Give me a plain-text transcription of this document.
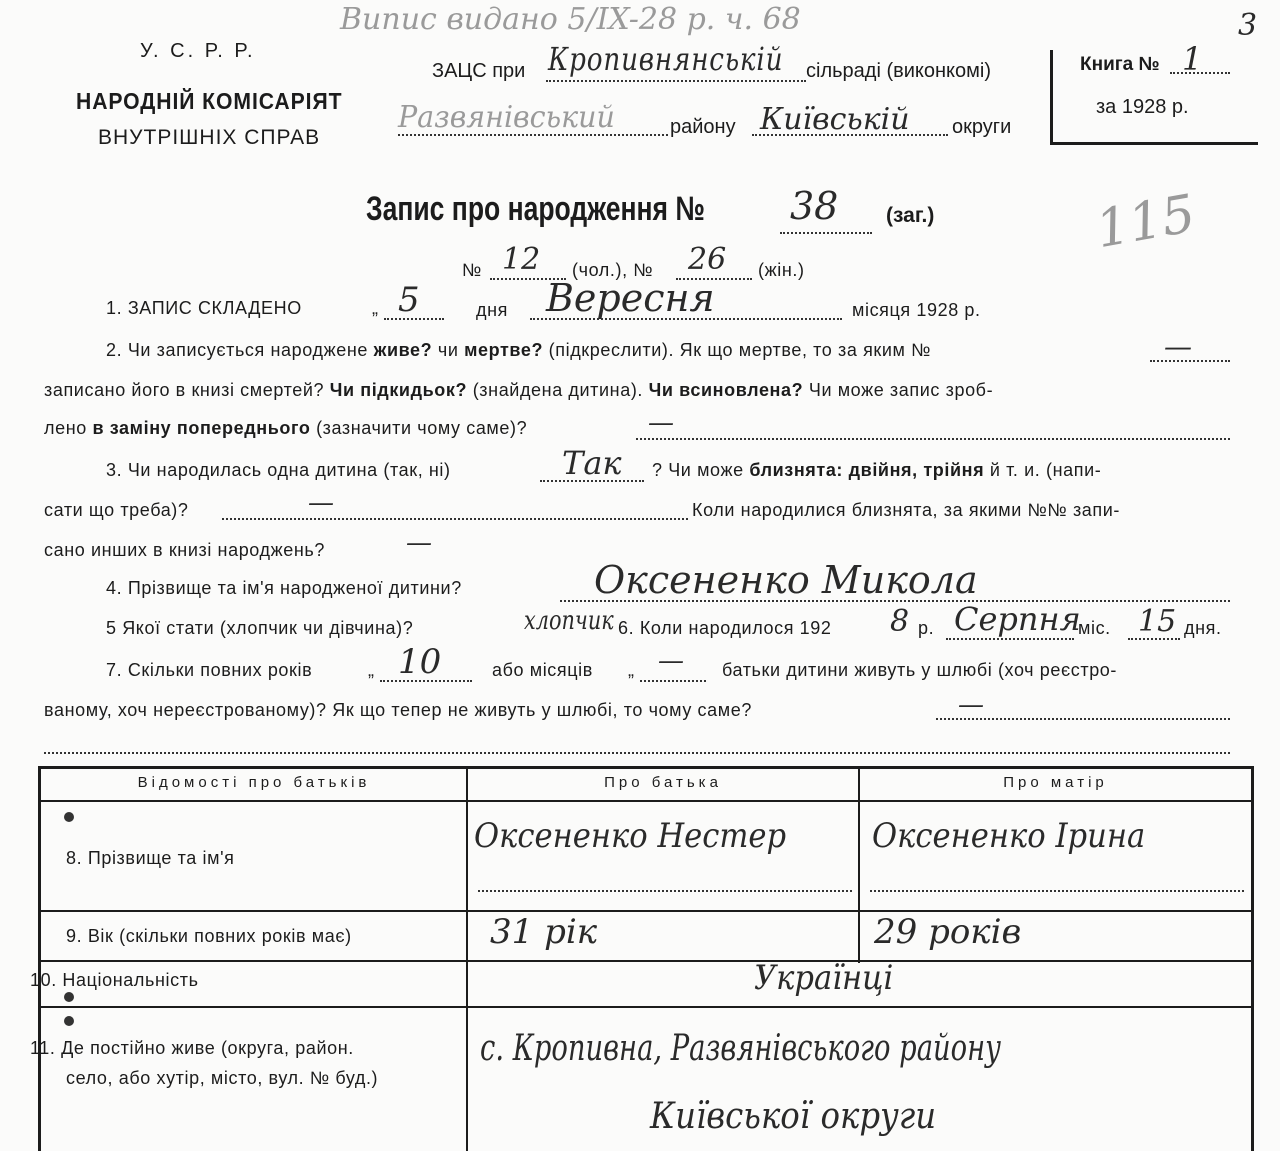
Випис видано 5/IX-28 р. ч. 68	3
У. С. Р. Р.
НАРОДНІЙ КОМІСАРІЯТ
ВНУТРІШНІХ СПРАВ
ЗАЦС при Кропивнянській сільраді (виконкомі)
Развянівський	району Київській округи
Книга № 1
за 1928 р.
Запис про народження № 38 (заг.)	115
№ 12 (чол.), № 26 (жін.)
1. ЗАПИС СКЛАДЕНО	„ 5	дня Вересня	місяця 1928 р.
2. Чи записується народжене живе? чи мертве? (підкреслити). Як що мертве, то за яким №	—
записано його в книзі смертей? Чи підкидьок? (знайдена дитина). Чи всиновлена? Чи може запис зроб-
лено в заміну попереднього (зазначити чому саме)?	—
3. Чи народилась одна дитина (так, ні)	Так ? Чи може близнята: двійня, трійня й т. и. (напи-
сати що треба)?	—	Коли народилися близнята, за якими №№ запи-
сано инших в книзі народжень?	—
4. Прізвище та ім'я народженої дитини?	Оксененко Микола
5 Якої стати (хлопчик чи дівчина)?	хлопчик 6. Коли народилося 192 8 р. Серпня
міс. 15 дня.
7. Скільки повних років	„ 10	або місяців „ — батьки дитини живуть у шлюбі (хоч реєстро-
ваному, хоч нереєстрованому)? Як що тепер не живуть у шлюбі, то чому саме?	—
Відомості про батьків	Про батька	Про матір
8. Прізвище та ім'я
Оксененко Нестер	Оксененко Ірина
9. Вік (скільки повних років має)	31 рік	29 років
10. Національність	Українці
11. Де постійно живе (округа, район.
село, або хутір, місто, вул. № буд.)
с. Кропивна, Развянівського району
Київської округи
